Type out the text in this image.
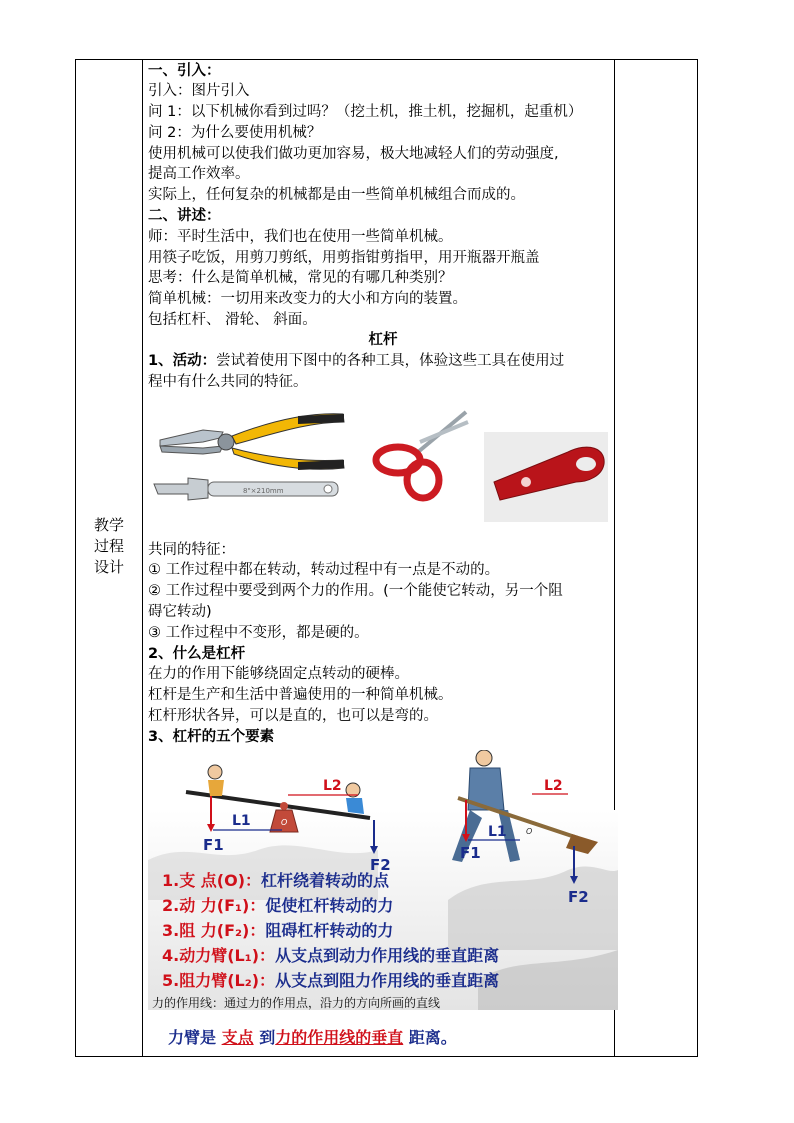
教学
过程
设计
一、引入：
引入：图片引入
问 1：以下机械你看到过吗？（挖土机，推土机，挖掘机，起重机）
问 2：为什么要使用机械？
使用机械可以使我们做功更加容易，极大地减轻人们的劳动强度,
提高工作效率。
实际上，任何复杂的机械都是由一些简单机械组合而成的。
二、讲述：
师：平时生活中，我们也在使用一些简单机械。
用筷子吃饭，用剪刀剪纸，用剪指钳剪指甲，用开瓶器开瓶盖
思考：什么是简单机械，常见的有哪几种类别？
简单机械：一切用来改变力的大小和方向的装置。
包括杠杆、 滑轮、 斜面。
杠杆
1、活动：尝试着使用下图中的各种工具，体验这些工具在使用过
程中有什么共同的特征。
8"×210mm
共同的特征：
① 工作过程中都在转动，转动过程中有一点是不动的。
② 工作过程中要受到两个力的作用。(一个能使它转动，另一个阻
碍它转动)
③ 工作过程中不变形，都是硬的。
2、什么是杠杆
在力的作用下能够绕固定点转动的硬棒。
杠杆是生产和生活中普遍使用的一种简单机械。
杠杆形状各异，可以是直的，也可以是弯的。
3、杠杆的五个要素
O
F1
F2
L1
L2
F1
F2
L1 O
L2
1.支 点(O)：杠杆绕着转动的点
2.动 力(F₁)：促使杠杆转动的力
3.阻 力(F₂)：阻碍杠杆转动的力
4.动力臂(L₁)：从支点到动力作用线的垂直距离
5.阻力臂(L₂)：从支点到阻力作用线的垂直距离
力的作用线：通过力的作用点，沿力的方向所画的直线
力臂是 支点 到力的作用线的垂直 距离。
